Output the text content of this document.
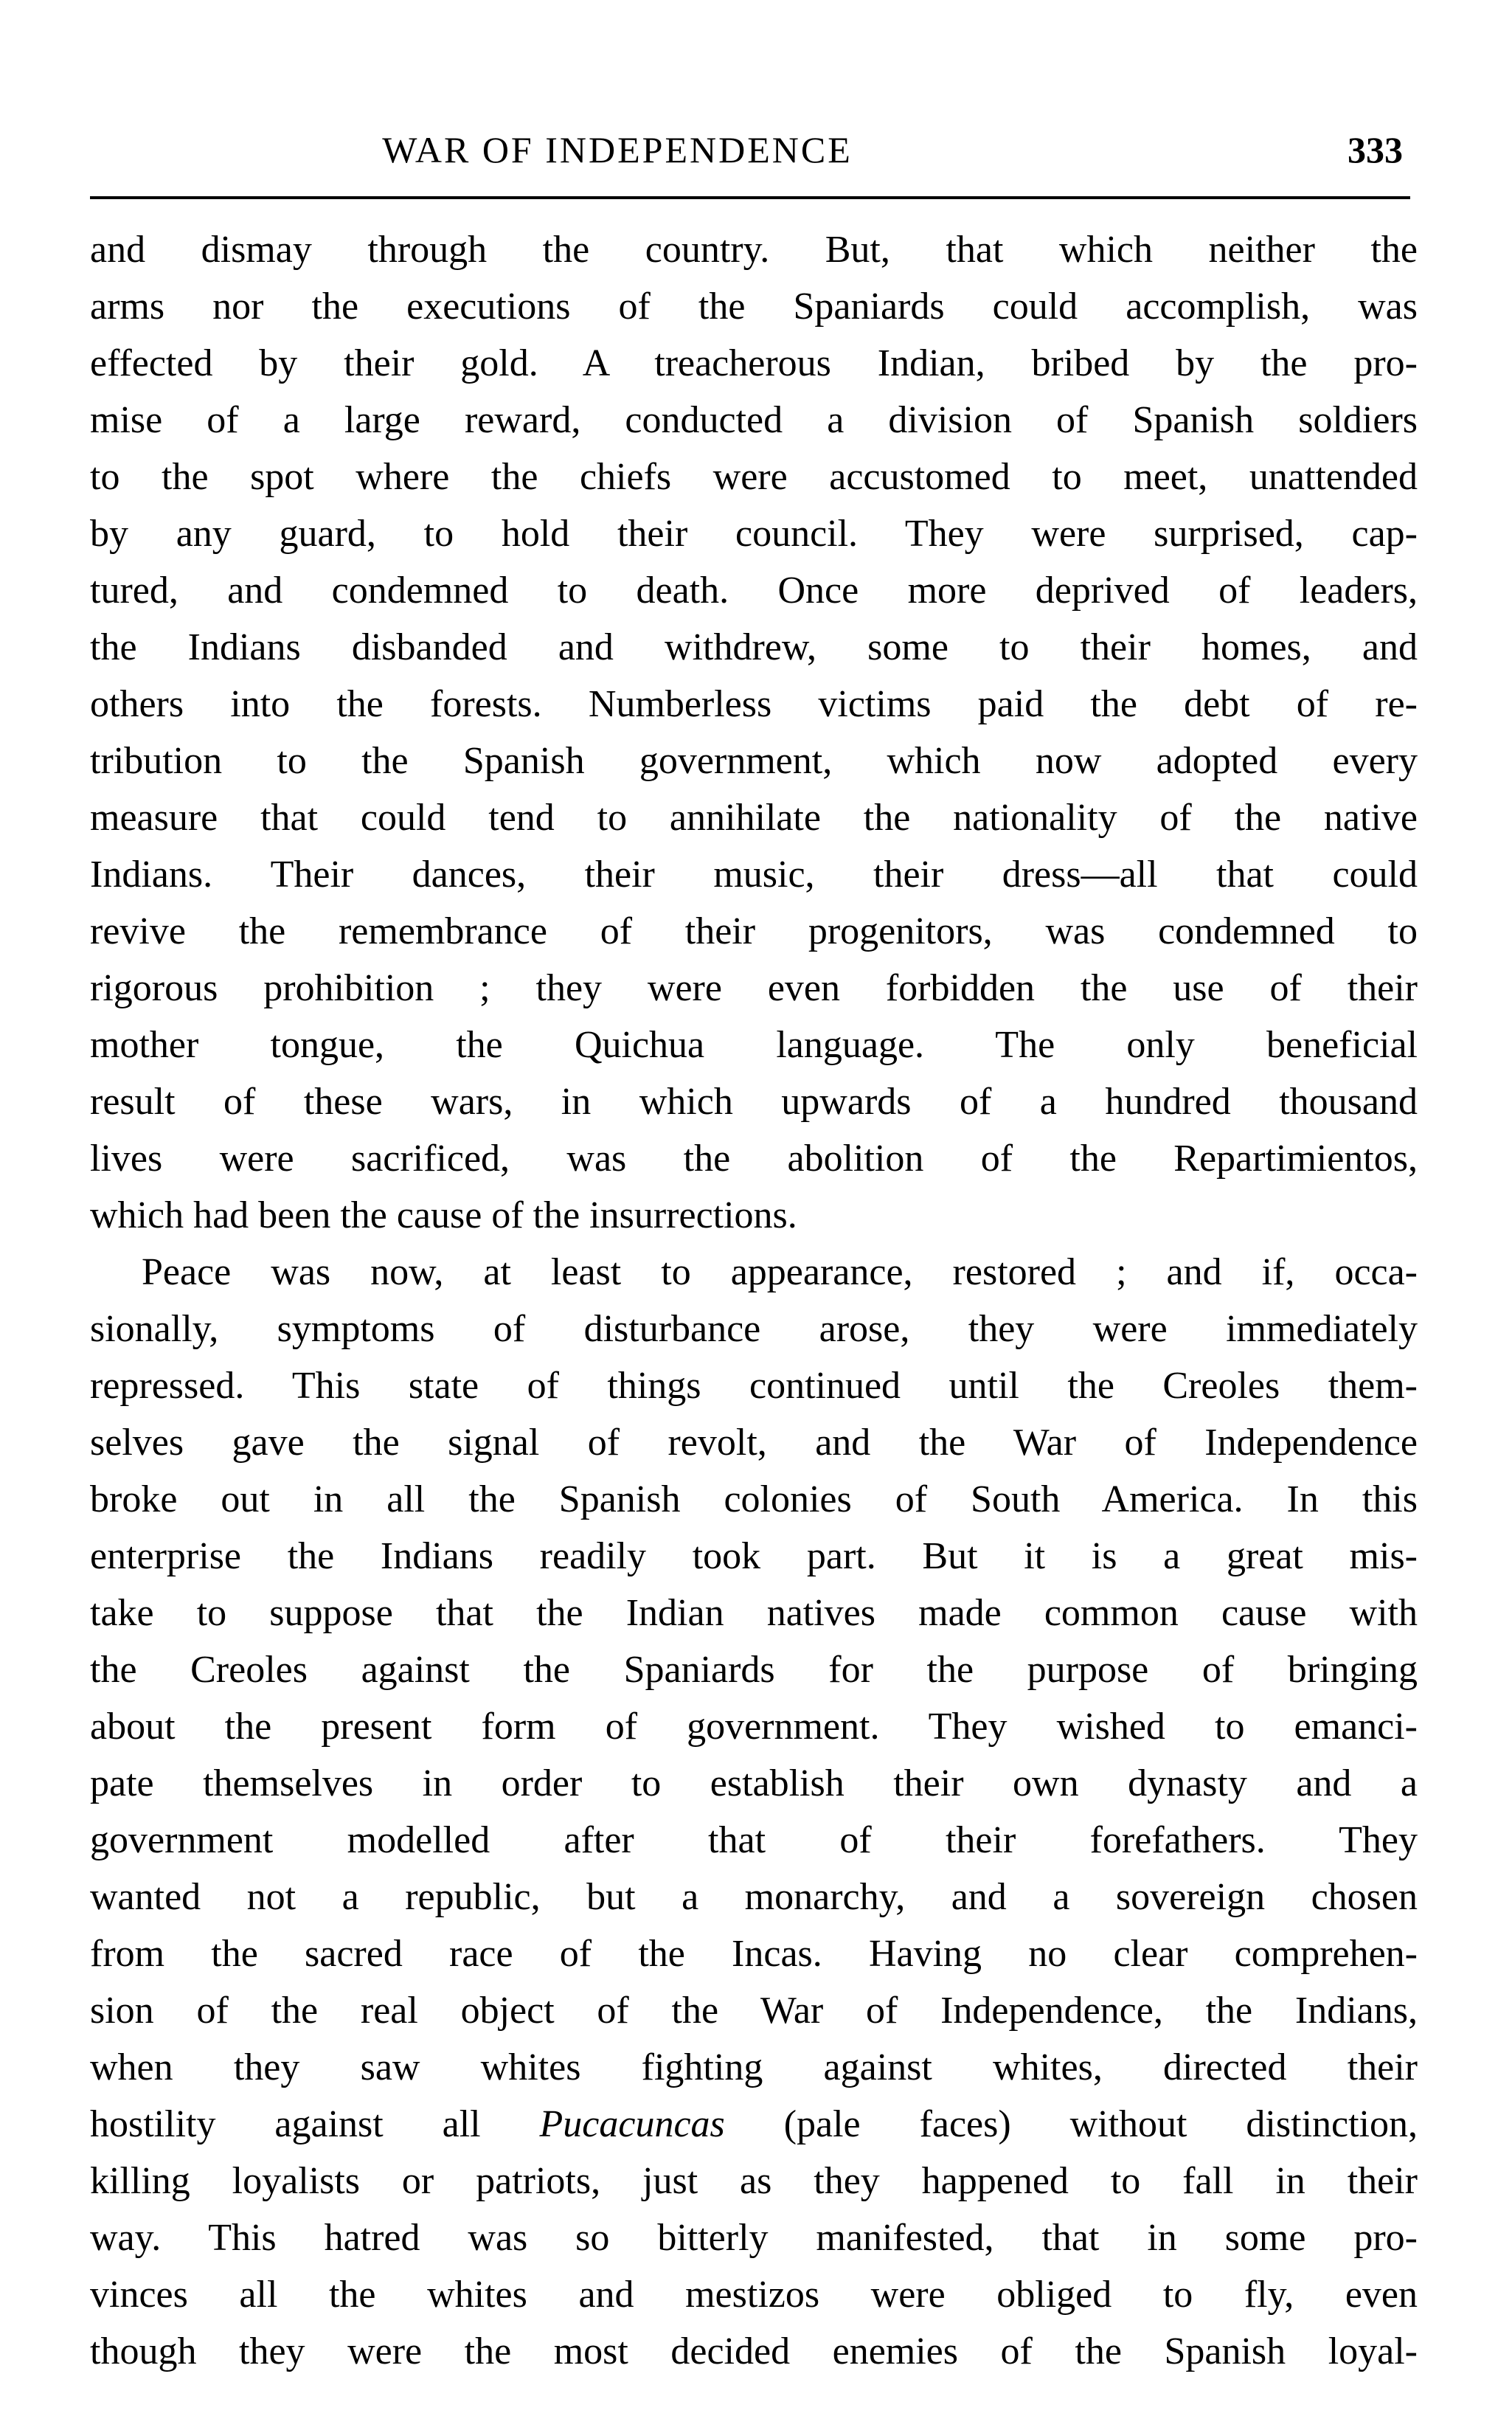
WAR OF INDEPENDENCE	333
and dismay through the country. But, that which neither the
arms nor the executions of the Spaniards could accomplish, was
effected by their gold. A treacherous Indian, bribed by the pro-
mise of a large reward, conducted a division of Spanish soldiers
to the spot where the chiefs were accustomed to meet, unattended
by any guard, to hold their council. They were surprised, cap-
tured, and condemned to death. Once more deprived of leaders,
the Indians disbanded and withdrew, some to their homes, and
others into the forests. Numberless victims paid the debt of re-
tribution to the Spanish government, which now adopted every
measure that could tend to annihilate the nationality of the native
Indians. Their dances, their music, their dress—all that could
revive the remembrance of their progenitors, was condemned to
rigorous prohibition ; they were even forbidden the use of their
mother tongue, the Quichua language. The only beneficial
result of these wars, in which upwards of a hundred thousand
lives were sacrificed, was the abolition of the Repartimientos,
which had been the cause of the insurrections.
Peace was now, at least to appearance, restored ; and if, occa-
sionally, symptoms of disturbance arose, they were immediately
repressed. This state of things continued until the Creoles them-
selves gave the signal of revolt, and the War of Independence
broke out in all the Spanish colonies of South America. In this
enterprise the Indians readily took part. But it is a great mis-
take to suppose that the Indian natives made common cause with
the Creoles against the Spaniards for the purpose of bringing
about the present form of government. They wished to emanci-
pate themselves in order to establish their own dynasty and a
government modelled after that of their forefathers. They
wanted not a republic, but a monarchy, and a sovereign chosen
from the sacred race of the Incas. Having no clear comprehen-
sion of the real object of the War of Independence, the Indians,
when they saw whites fighting against whites, directed their
hostility against all Pucacuncas (pale faces) without distinction,
killing loyalists or patriots, just as they happened to fall in their
way. This hatred was so bitterly manifested, that in some pro-
vinces all the whites and mestizos were obliged to fly, even
though they were the most decided enemies of the Spanish loyal-
